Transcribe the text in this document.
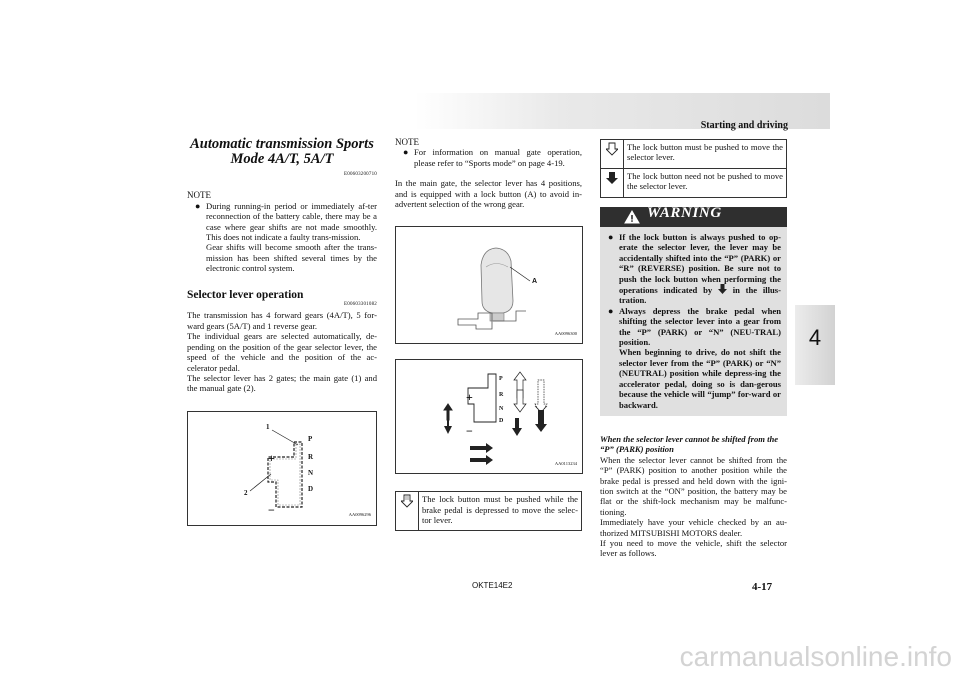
Starting and driving
4
Automatic transmission Sports
Mode 4A/T, 5A/T
E00603200710
NOTE
● During running-in period or immediately af-ter reconnection of the battery cable, there may be a case where gear shifts are not made smoothly. This does not indicate a faulty trans-mission.

Gear shifts will become smooth after the trans-mission has been shifted several times by the electronic control system.

Selector lever operation
E00603301082

The transmission has 4 forward gears (4A/T), 5 for-ward gears (5A/T) and 1 reverse gear.

The individual gears are selected automatically, de-pending on the position of the gear selector lever, the speed of the vehicle and the position of the ac-celerator pedal.

The selector lever has 2 gates; the main gate (1) and the manual gate (2).

1
2
+
−
P
R
N
D
AA0096296
NOTE
● For information on manual gate operation, please refer to “Sports mode” on page 4-19.

In the main gate, the selector lever has 4 positions, and is equipped with a lock button (A) to avoid in-advertent selection of the wrong gear.

A
AA0096300
+
−
P
R
N
D
AA0113234

The lock button must be pushed while the brake pedal is depressed to move the selec-tor lever.

The lock button must be pushed to move the selector lever.

The lock button need not be pushed to move the selector lever.

WARNING
● If the lock button is always pushed to op-erate the selector lever, the lever may be accidentally shifted into the “P” (PARK) or “R” (REVERSE) position. Be sure not to push the lock button when performing the operations indicated by in the illus-tration.

● Always depress the brake pedal when shifting the selector lever into a gear from the “P” (PARK) or “N” (NEU-TRAL) position.

When beginning to drive, do not shift the selector lever from the “P” (PARK) or “N” (NEUTRAL) position while depress-ing the accelerator pedal, doing so is dan-gerous because the vehicle will “jump” for-ward or backward.

When the selector lever cannot be shifted from the “P” (PARK) position

When the selector lever cannot be shifted from the “P” (PARK) position to another position while the brake pedal is pressed and held down with the igni-tion switch at the “ON” position, the battery may be flat or the shift-lock mechanism may be malfunc-tioning.

Immediately have your vehicle checked by an au-thorized MITSUBISHI MOTORS dealer.

If you need to move the vehicle, shift the selector lever as follows.

OKTE14E2	4-17
carmanualsonline.info
